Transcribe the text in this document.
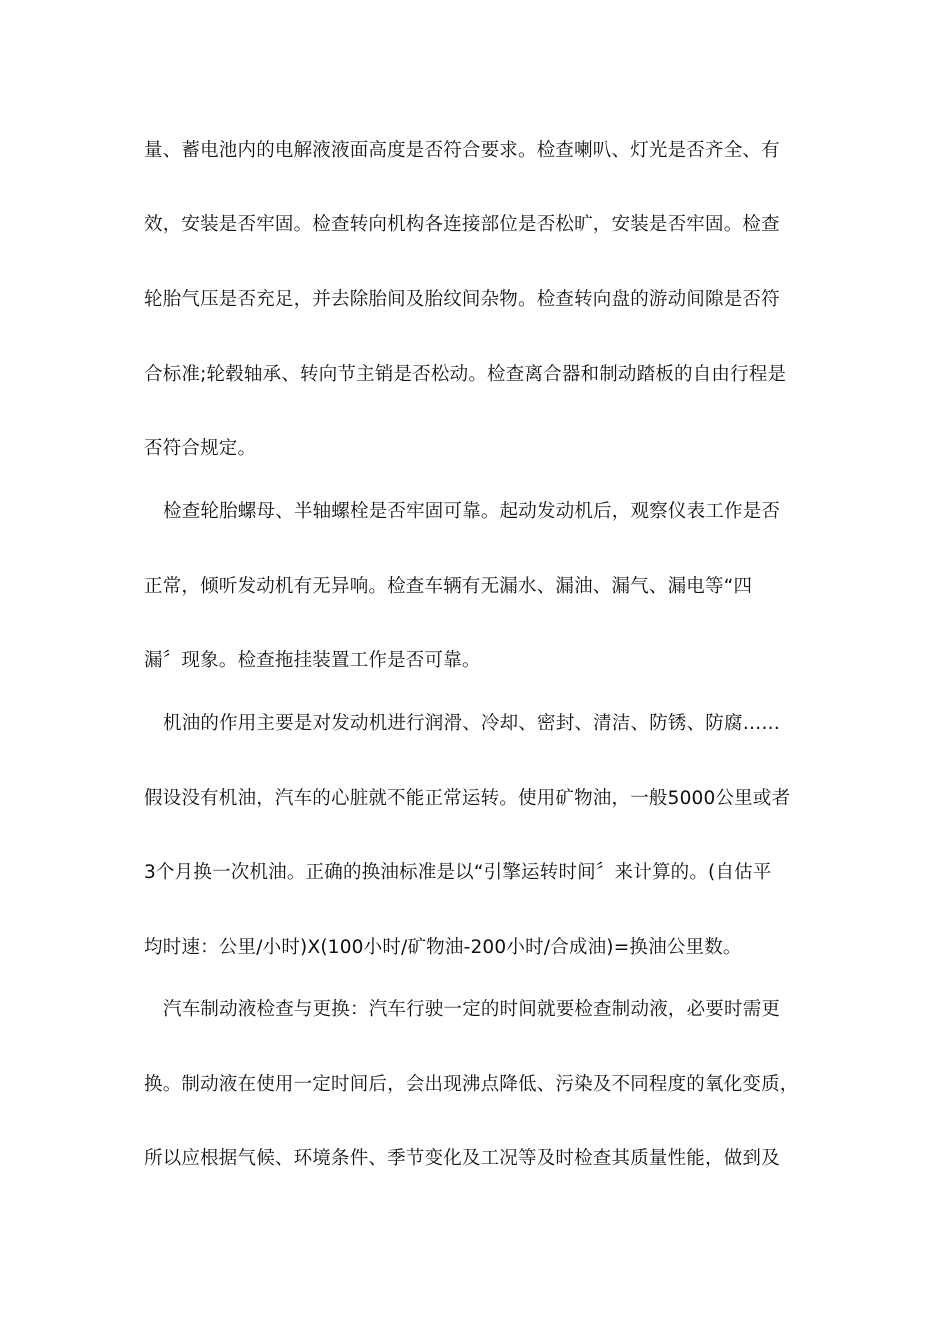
量、蓄电池内的电解液液面高度是否符合要求。检查喇叭、灯光是否齐全、有
效，安装是否牢固。检查转向机构各连接部位是否松旷，安装是否牢固。检查
轮胎气压是否充足，并去除胎间及胎纹间杂物。检查转向盘的游动间隙是否符
合标准;轮毂轴承、转向节主销是否松动。检查离合器和制动踏板的自由行程是
否符合规定。
检查轮胎螺母、半轴螺栓是否牢固可靠。起动发动机后，观察仪表工作是否
正常，倾听发动机有无异响。检查车辆有无漏水、漏油、漏气、漏电等“四
漏〞现象。检查拖挂装置工作是否可靠。
机油的作用主要是对发动机进行润滑、冷却、密封、清洁、防锈、防腐……
假设没有机油，汽车的心脏就不能正常运转。使用矿物油，一般5000公里或者
3个月换一次机油。正确的换油标准是以“引擎运转时间〞来计算的。(自估平
均时速：公里/小时)X(100小时/矿物油-200小时/合成油)=换油公里数。
汽车制动液检查与更换：汽车行驶一定的时间就要检查制动液，必要时需更
换。制动液在使用一定时间后，会出现沸点降低、污染及不同程度的氧化变质，
所以应根据气候、环境条件、季节变化及工况等及时检查其质量性能，做到及
